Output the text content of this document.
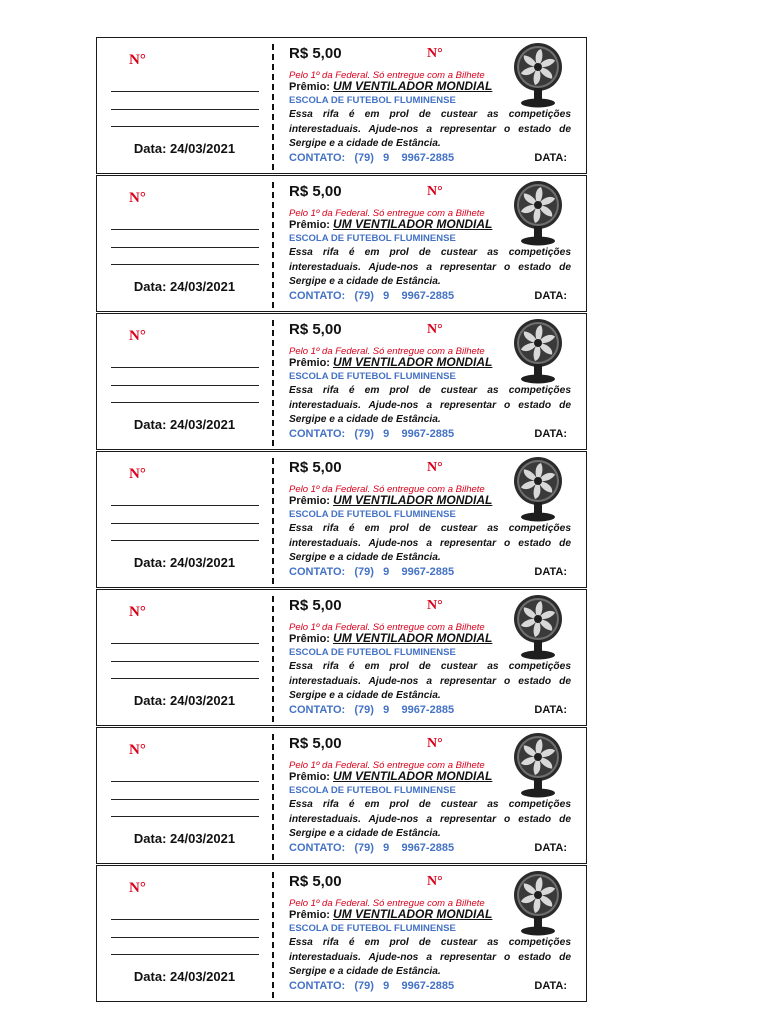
N°
Data: 24/03/2021
R$ 5,00	N°
Pelo 1º da Federal. Só entregue com a Bilhete
Prêmio: UM VENTILADOR MONDIAL
ESCOLA DE FUTEBOL FLUMINENSE
Essa rifa é em prol de custear as competições interestaduais. Ajude-nos a representar o estado de Sergipe e a cidade de Estância.
CONTATO:   (79)   9    9967-2885	DATA:
N°
Data: 24/03/2021
R$ 5,00	N°
Pelo 1º da Federal. Só entregue com a Bilhete
Prêmio: UM VENTILADOR MONDIAL
ESCOLA DE FUTEBOL FLUMINENSE
Essa rifa é em prol de custear as competições interestaduais. Ajude-nos a representar o estado de Sergipe e a cidade de Estância.
CONTATO:   (79)   9    9967-2885	DATA:
N°
Data: 24/03/2021
R$ 5,00	N°
Pelo 1º da Federal. Só entregue com a Bilhete
Prêmio: UM VENTILADOR MONDIAL
ESCOLA DE FUTEBOL FLUMINENSE
Essa rifa é em prol de custear as competições interestaduais. Ajude-nos a representar o estado de Sergipe e a cidade de Estância.
CONTATO:   (79)   9    9967-2885	DATA:
N°
Data: 24/03/2021
R$ 5,00	N°
Pelo 1º da Federal. Só entregue com a Bilhete
Prêmio: UM VENTILADOR MONDIAL
ESCOLA DE FUTEBOL FLUMINENSE
Essa rifa é em prol de custear as competições interestaduais. Ajude-nos a representar o estado de Sergipe e a cidade de Estância.
CONTATO:   (79)   9    9967-2885	DATA:
N°
Data: 24/03/2021
R$ 5,00	N°
Pelo 1º da Federal. Só entregue com a Bilhete
Prêmio: UM VENTILADOR MONDIAL
ESCOLA DE FUTEBOL FLUMINENSE
Essa rifa é em prol de custear as competições interestaduais. Ajude-nos a representar o estado de Sergipe e a cidade de Estância.
CONTATO:   (79)   9    9967-2885	DATA:
N°
Data: 24/03/2021
R$ 5,00	N°
Pelo 1º da Federal. Só entregue com a Bilhete
Prêmio: UM VENTILADOR MONDIAL
ESCOLA DE FUTEBOL FLUMINENSE
Essa rifa é em prol de custear as competições interestaduais. Ajude-nos a representar o estado de Sergipe e a cidade de Estância.
CONTATO:   (79)   9    9967-2885	DATA:
N°
Data: 24/03/2021
R$ 5,00	N°
Pelo 1º da Federal. Só entregue com a Bilhete
Prêmio: UM VENTILADOR MONDIAL
ESCOLA DE FUTEBOL FLUMINENSE
Essa rifa é em prol de custear as competições interestaduais. Ajude-nos a representar o estado de Sergipe e a cidade de Estância.
CONTATO:   (79)   9    9967-2885	DATA:
